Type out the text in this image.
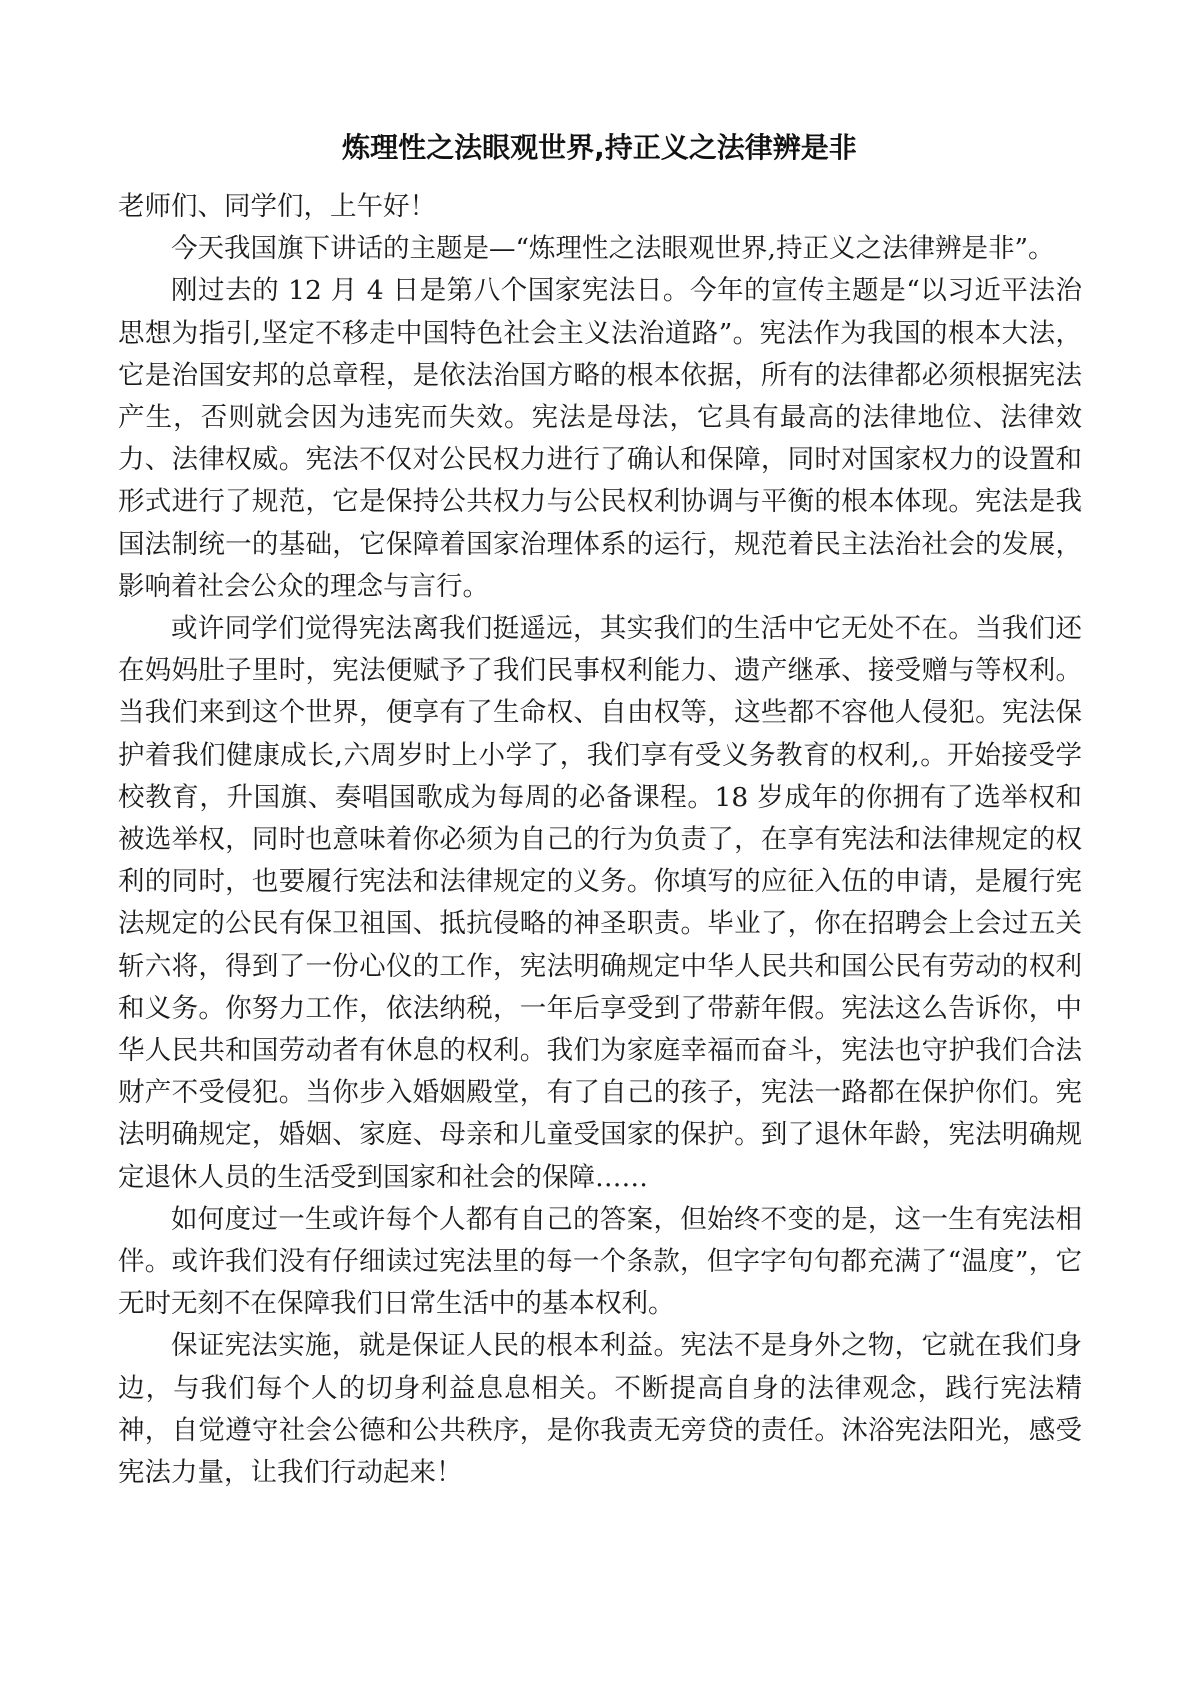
炼理性之法眼观世界,持正义之法律辨是非

老师们、同学们，上午好！

今天我国旗下讲话的主题是—“炼理性之法眼观世界,持正义之法律辨是非”。

刚过去的 12 月 4 日是第八个国家宪法日。今年的宣传主题是“以习近平法治思想为指引,坚定不移走中国特色社会主义法治道路”。宪法作为我国的根本大法，它是治国安邦的总章程，是依法治国方略的根本依据，所有的法律都必须根据宪法产生，否则就会因为违宪而失效。宪法是母法，它具有最高的法律地位、法律效力、法律权威。宪法不仅对公民权力进行了确认和保障，同时对国家权力的设置和形式进行了规范，它是保持公共权力与公民权利协调与平衡的根本体现。宪法是我国法制统一的基础，它保障着国家治理体系的运行，规范着民主法治社会的发展，影响着社会公众的理念与言行。

或许同学们觉得宪法离我们挺遥远，其实我们的生活中它无处不在。当我们还在妈妈肚子里时，宪法便赋予了我们民事权利能力、遗产继承、接受赠与等权利。当我们来到这个世界，便享有了生命权、自由权等，这些都不容他人侵犯。宪法保护着我们健康成长,六周岁时上小学了，我们享有受义务教育的权利,。开始接受学校教育，升国旗、奏唱国歌成为每周的必备课程。18 岁成年的你拥有了选举权和被选举权，同时也意味着你必须为自己的行为负责了，在享有宪法和法律规定的权利的同时，也要履行宪法和法律规定的义务。你填写的应征入伍的申请，是履行宪法规定的公民有保卫祖国、抵抗侵略的神圣职责。毕业了，你在招聘会上会过五关斩六将，得到了一份心仪的工作，宪法明确规定中华人民共和国公民有劳动的权利和义务。你努力工作，依法纳税，一年后享受到了带薪年假。宪法这么告诉你，中华人民共和国劳动者有休息的权利。我们为家庭幸福而奋斗，宪法也守护我们合法财产不受侵犯。当你步入婚姻殿堂，有了自己的孩子，宪法一路都在保护你们。宪法明确规定，婚姻、家庭、母亲和儿童受国家的保护。到了退休年龄，宪法明确规定退休人员的生活受到国家和社会的保障……

如何度过一生或许每个人都有自己的答案，但始终不变的是，这一生有宪法相伴。或许我们没有仔细读过宪法里的每一个条款，但字字句句都充满了“温度”，它无时无刻不在保障我们日常生活中的基本权利。

保证宪法实施，就是保证人民的根本利益。宪法不是身外之物，它就在我们身边，与我们每个人的切身利益息息相关。不断提高自身的法律观念，践行宪法精神，自觉遵守社会公德和公共秩序，是你我责无旁贷的责任。沐浴宪法阳光，感受宪法力量，让我们行动起来！
